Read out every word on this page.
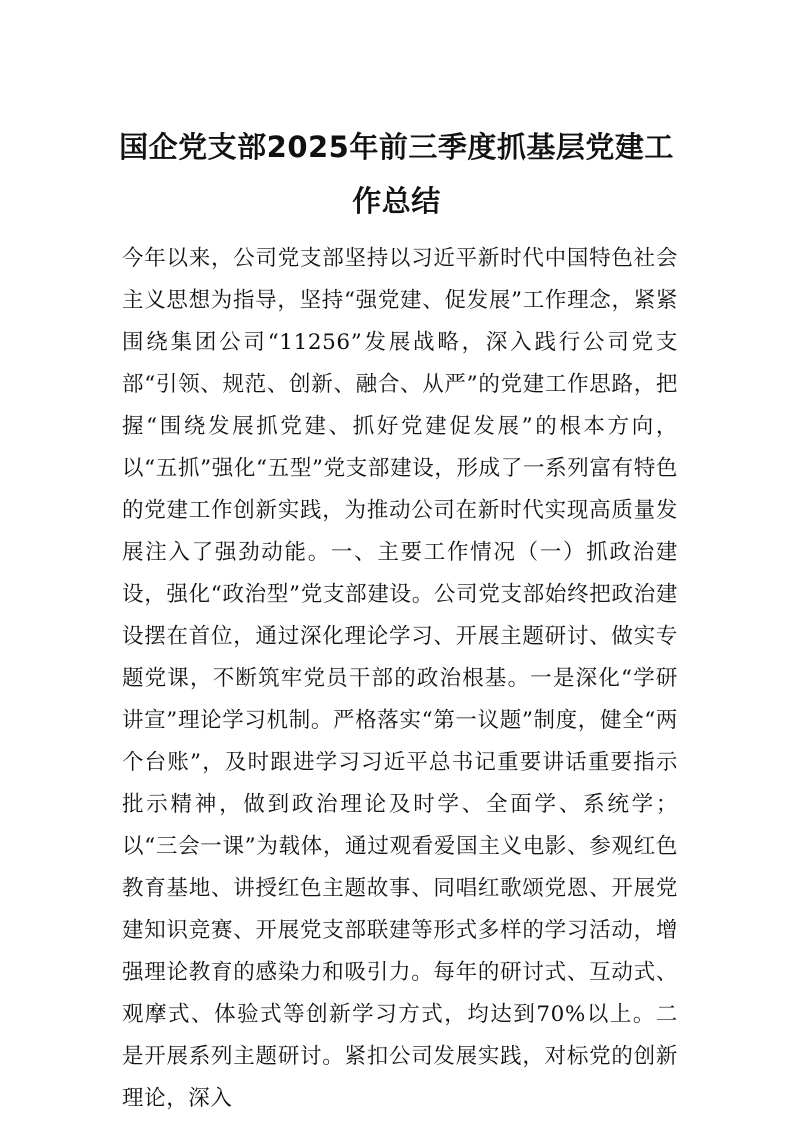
国企党支部2025年前三季度抓基层党建工
作总结

今年以来，公司党支部坚持以习近平新时代中国特色社会主义思想为指导，坚持“强党建、促发展”工作理念，紧紧围绕集团公司“11256”发展战略，深入践行公司党支部“引领、规范、创新、融合、从严”的党建工作思路，把握“围绕发展抓党建、抓好党建促发展”的根本方向，以“五抓”强化“五型”党支部建设，形成了一系列富有特色的党建工作创新实践，为推动公司在新时代实现高质量发展注入了强劲动能。一、主要工作情况（一）抓政治建设，强化“政治型”党支部建设。公司党支部始终把政治建设摆在首位，通过深化理论学习、开展主题研讨、做实专题党课，不断筑牢党员干部的政治根基。一是深化“学研讲宣”理论学习机制。严格落实“第一议题”制度，健全“两个台账”，及时跟进学习习近平总书记重要讲话重要指示批示精神，做到政治理论及时学、全面学、系统学；以“三会一课”为载体，通过观看爱国主义电影、参观红色教育基地、讲授红色主题故事、同唱红歌颂党恩、开展党建知识竞赛、开展党支部联建等形式多样的学习活动，增强理论教育的感染力和吸引力。每年的研讨式、互动式、观摩式、体验式等创新学习方式，均达到70%以上。二是开展系列主题研讨。紧扣公司发展实践，对标党的创新理论，深入
